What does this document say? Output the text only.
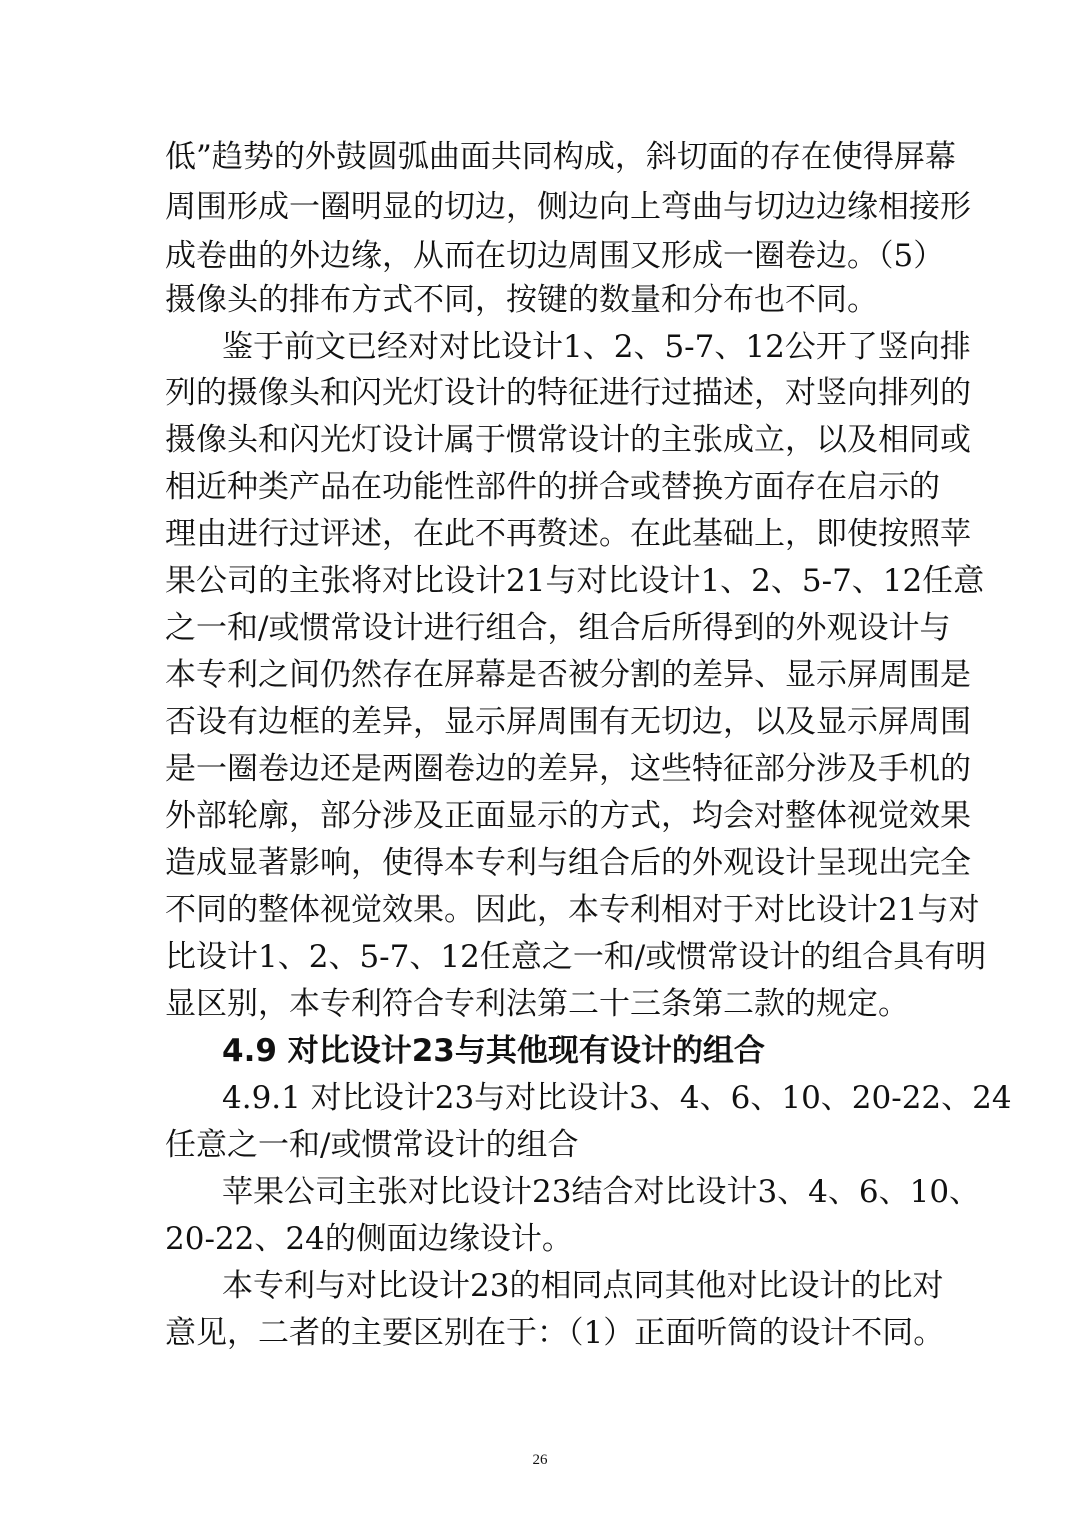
低”趋势的外鼓圆弧曲面共同构成，斜切面的存在使得屏幕
周围形成一圈明显的切边，侧边向上弯曲与切边边缘相接形
成卷曲的外边缘，从而在切边周围又形成一圈卷边。（5）
摄像头的排布方式不同，按键的数量和分布也不同。
鉴于前文已经对对比设计1、2、5-7、12公开了竖向排
列的摄像头和闪光灯设计的特征进行过描述，对竖向排列的
摄像头和闪光灯设计属于惯常设计的主张成立，以及相同或
相近种类产品在功能性部件的拼合或替换方面存在启示的
理由进行过评述，在此不再赘述。在此基础上，即使按照苹
果公司的主张将对比设计21与对比设计1、2、5-7、12任意
之一和/或惯常设计进行组合，组合后所得到的外观设计与
本专利之间仍然存在屏幕是否被分割的差异、显示屏周围是
否设有边框的差异，显示屏周围有无切边，以及显示屏周围
是一圈卷边还是两圈卷边的差异，这些特征部分涉及手机的
外部轮廓，部分涉及正面显示的方式，均会对整体视觉效果
造成显著影响，使得本专利与组合后的外观设计呈现出完全
不同的整体视觉效果。因此，本专利相对于对比设计21与对
比设计1、2、5-7、12任意之一和/或惯常设计的组合具有明
显区别，本专利符合专利法第二十三条第二款的规定。
4.9 对比设计23与其他现有设计的组合
4.9.1 对比设计23与对比设计3、4、6、10、20-22、24
任意之一和/或惯常设计的组合
苹果公司主张对比设计23结合对比设计3、4、6、10、
20-22、24的侧面边缘设计。
本专利与对比设计23的相同点同其他对比设计的比对
意见，二者的主要区别在于：（1）正面听筒的设计不同。
26
